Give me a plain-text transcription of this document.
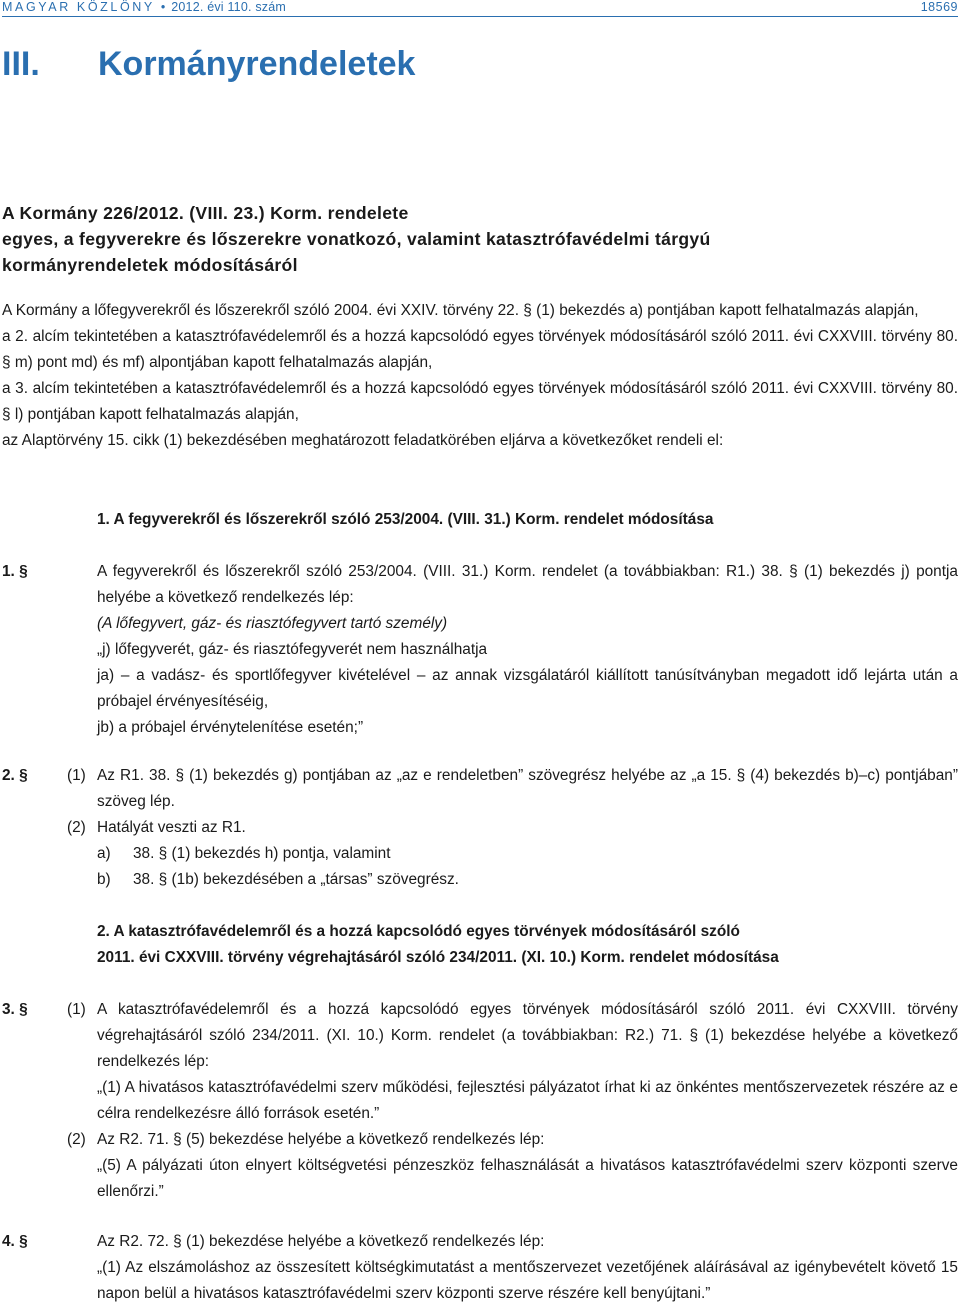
MAGYAR KÖZLÖNY • 2012. évi 110. szám	18569
III. Kormányrendeletek
A Kormány 226/2012. (VIII. 23.) Korm. rendelete
egyes, a fegyverekre és lőszerekre vonatkozó, valamint katasztrófavédelmi tárgyú
kormányrendeletek módosításáról

A Kormány a lőfegyverekről és lőszerekről szóló 2004. évi XXIV. törvény 22. § (1) bekezdés a) pontjában kapott felhatalmazás alapján,

a 2. alcím tekintetében a katasztrófavédelemről és a hozzá kapcsolódó egyes törvények módosításáról szóló 2011. évi CXXVIII. törvény 80. § m) pont md) és mf) alpontjában kapott felhatalmazás alapján,

a 3. alcím tekintetében a katasztrófavédelemről és a hozzá kapcsolódó egyes törvények módosításáról szóló 2011. évi CXXVIII. törvény 80. § l) pontjában kapott felhatalmazás alapján,

az Alaptörvény 15. cikk (1) bekezdésében meghatározott feladatkörében eljárva a következőket rendeli el:

1. A fegyverekről és lőszerekről szóló 253/2004. (VIII. 31.) Korm. rendelet módosítása

1. §	A fegyverekről és lőszerekről szóló 253/2004. (VIII. 31.) Korm. rendelet (a továbbiakban: R1.) 38. § (1) bekezdés j) pontja helyébe a következő rendelkezés lép:

(A lőfegyvert, gáz- és riasztófegyvert tartó személy)

„j) lőfegyverét, gáz- és riasztófegyverét nem használhatja

ja) – a vadász- és sportlőfegyver kivételével – az annak vizsgálatáról kiállított tanúsítványban megadott idő lejárta után a próbajel érvényesítéséig,

jb) a próbajel érvénytelenítése esetén;”

2. §	(1) Az R1. 38. § (1) bekezdés g) pontjában az „az e rendeletben” szövegrész helyébe az „a 15. § (4) bekezdés b)–c) pontjában” szöveg lép.

(2) Hatályát veszti az R1.

a) 38. § (1) bekezdés h) pontja, valamint
b) 38. § (1b) bekezdésében a „társas” szövegrész.

2. A katasztrófavédelemről és a hozzá kapcsolódó egyes törvények módosításáról szóló

2011. évi CXXVIII. törvény végrehajtásáról szóló 234/2011. (XI. 10.) Korm. rendelet módosítása

3. §	(1) A katasztrófavédelemről és a hozzá kapcsolódó egyes törvények módosításáról szóló 2011. évi CXXVIII. törvény végrehajtásáról szóló 234/2011. (XI. 10.) Korm. rendelet (a továbbiakban: R2.) 71. § (1) bekezdése helyébe a következő rendelkezés lép:

„(1) A hivatásos katasztrófavédelmi szerv működési, fejlesztési pályázatot írhat ki az önkéntes mentőszervezetek részére az e célra rendelkezésre álló források esetén.”

(2) Az R2. 71. § (5) bekezdése helyébe a következő rendelkezés lép:

„(5) A pályázati úton elnyert költségvetési pénzeszköz felhasználását a hivatásos katasztrófavédelmi szerv központi szerve ellenőrzi.”

4. §	Az R2. 72. § (1) bekezdése helyébe a következő rendelkezés lép:

„(1) Az elszámoláshoz az összesített költségkimutatást a mentőszervezet vezetőjének aláírásával az igénybevételt követő 15 napon belül a hivatásos katasztrófavédelmi szerv központi szerve részére kell benyújtani.”
